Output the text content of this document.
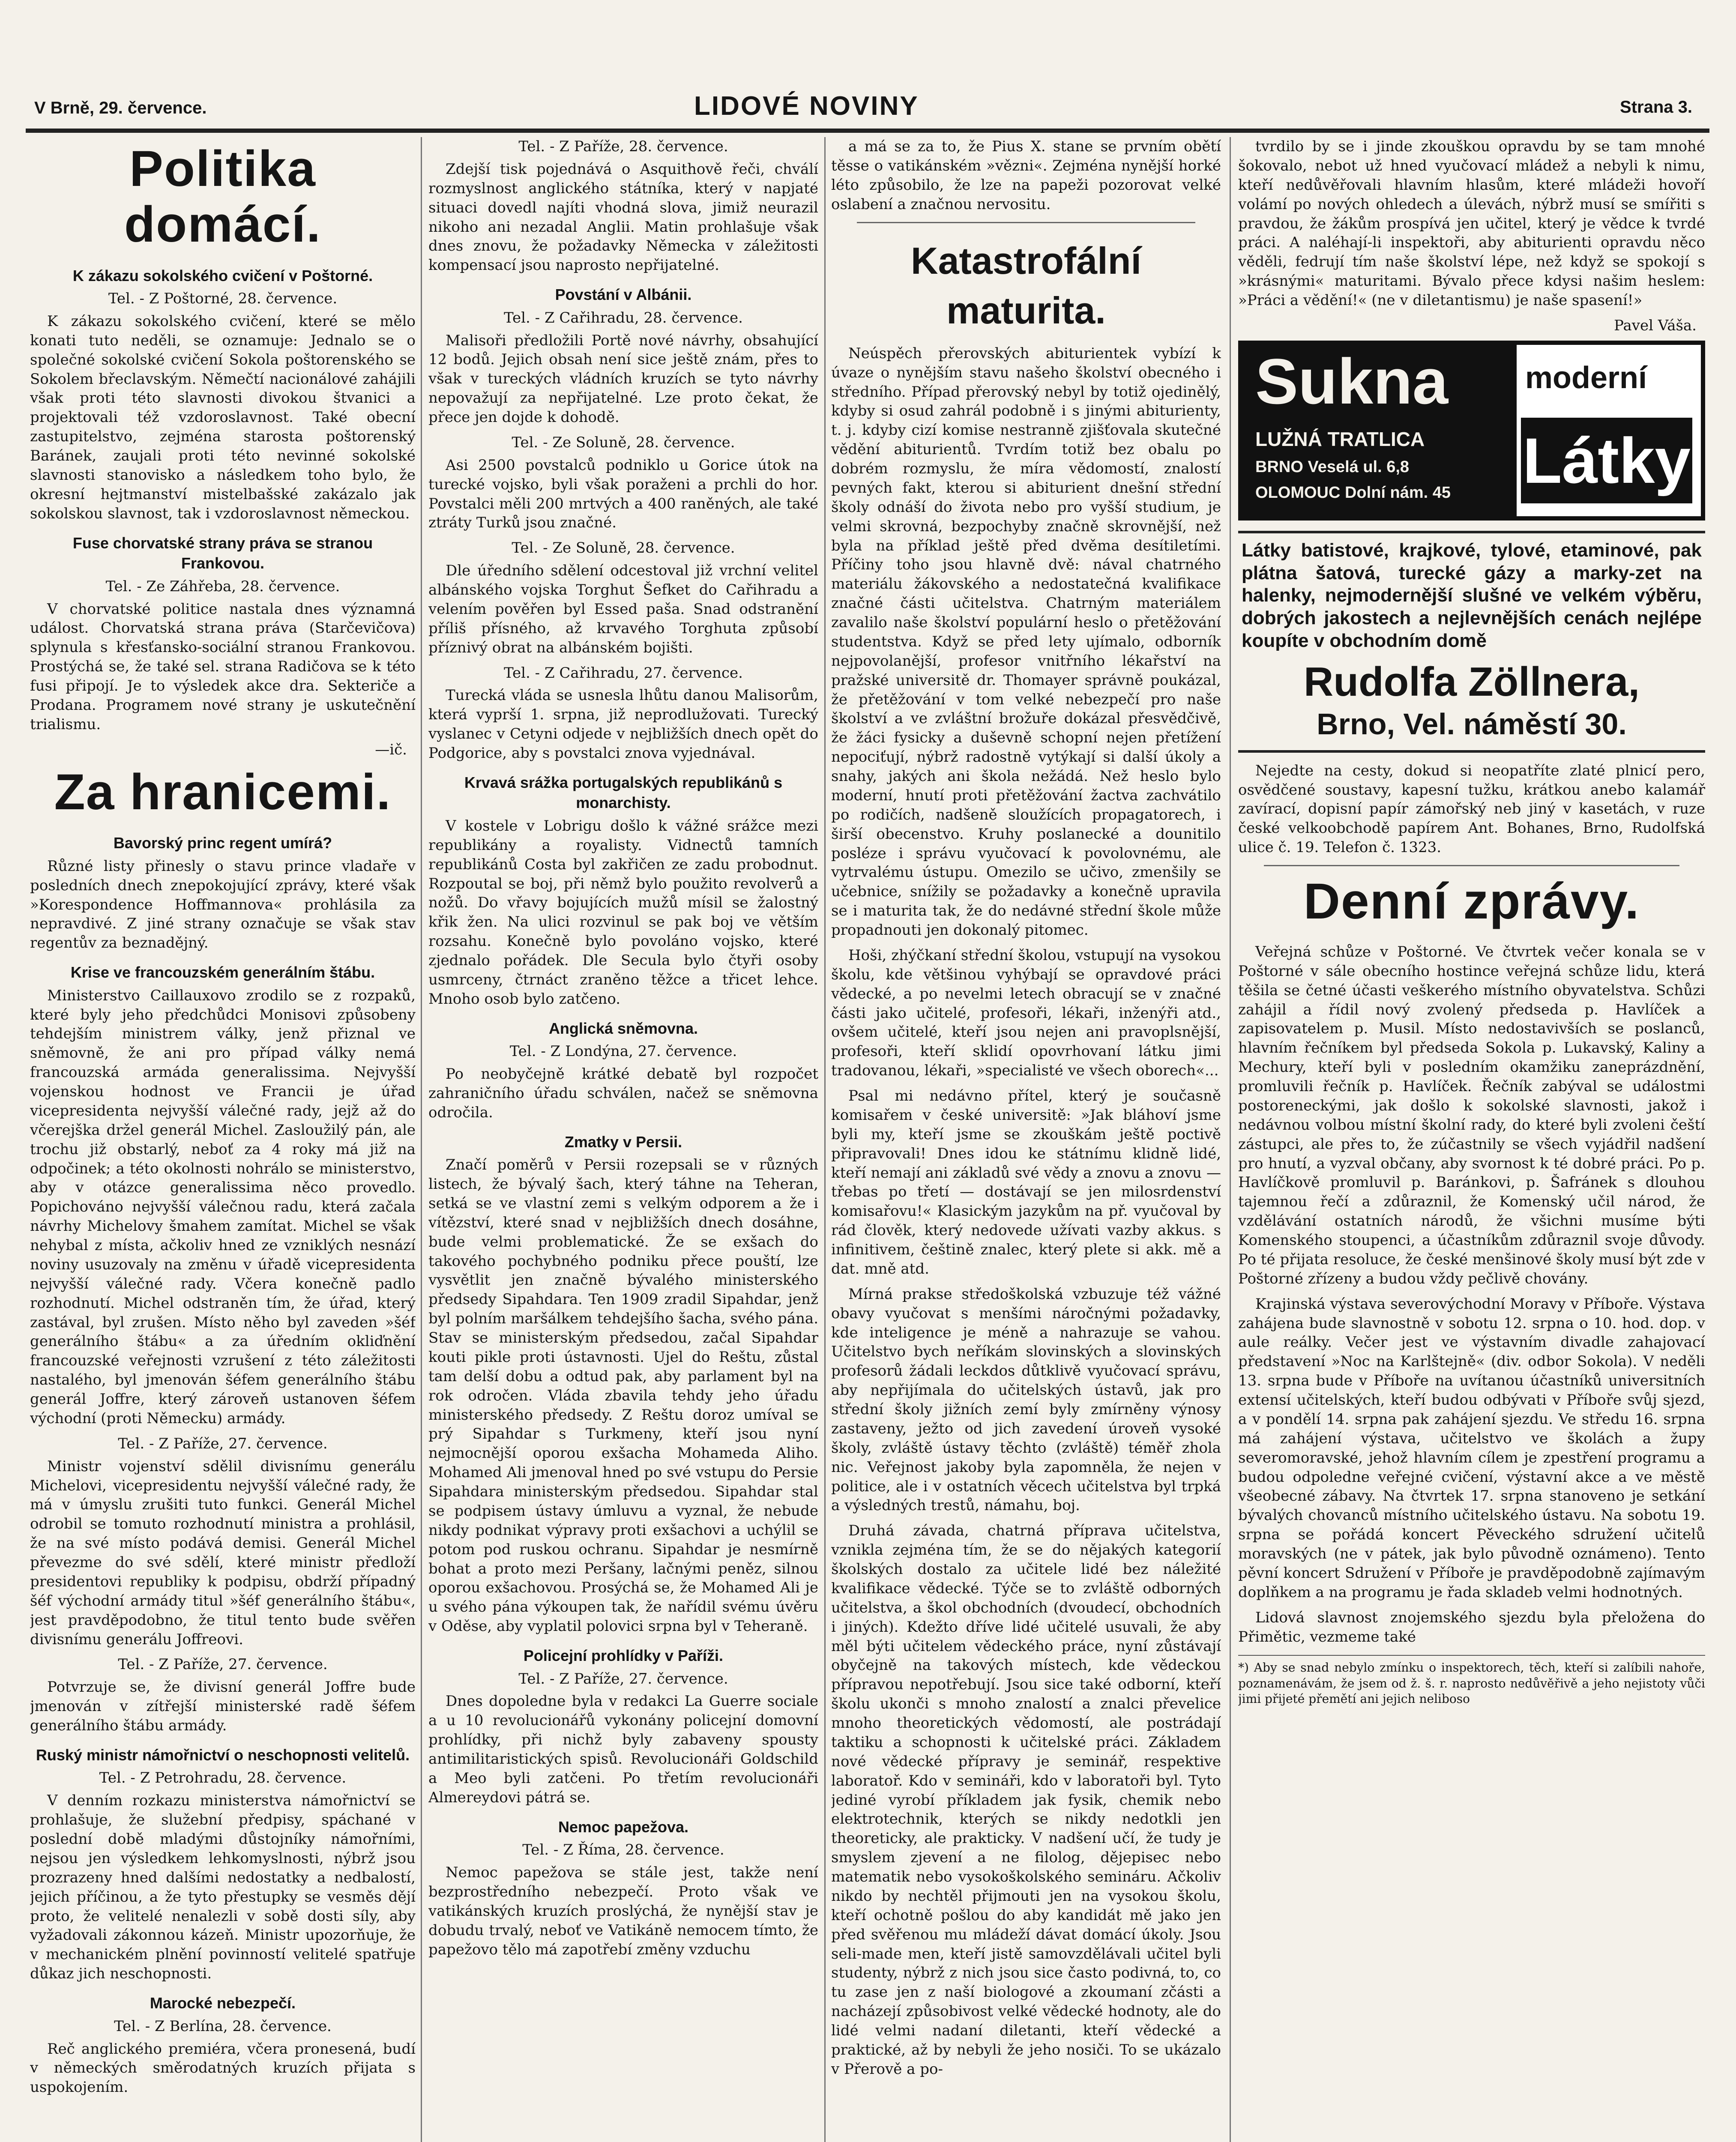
V Brně, 29. července.	LIDOVÉ NOVINY	Strana 3.
Politika domácí.
K zákazu sokolského cvičení v Poštorné.
Tel. - Z Poštorné, 28. července.

K zákazu sokolského cvičení, které se mělo konati tuto neděli, se oznamuje: Jednalo se o společné sokolské cvičení Sokola poštorenského se Sokolem břeclavským. Němečtí nacionálové zahájili však proti této slavnosti divokou štvanici a projektovali též vzdoroslavnost. Také obecní zastupitelstvo, zejména starosta poštorenský Baránek, zaujali proti této nevinné sokolské slavnosti stanovisko a následkem toho bylo, že okresní hejtmanství mistelbašské zakázalo jak sokolskou slavnost, tak i vzdoroslavnost německou.

Fuse chorvatské strany práva se stranou Frankovou.
Tel. - Ze Záhřeba, 28. července.

V chorvatské politice nastala dnes významná událost. Chorvatská strana práva (Starčevičova) splynula s křesťansko-sociální stranou Frankovou. Prostýchá se, že také sel. strana Radičova se k této fusi připojí. Je to výsledek akce dra. Sekteriče a Prodana. Programem nové strany je uskutečnění trialismu.

—ič.
Za hranicemi.
Bavorský princ regent umírá?

Různé listy přinesly o stavu prince vladaře v posledních dnech znepokojující zprávy, které však »Korespondence Hoffmannova« prohlásila za nepravdivé. Z jiné strany označuje se však stav regentův za beznadějný.

Krise ve francouzském generálním štábu.

Ministerstvo Caillauxovo zrodilo se z rozpaků, které byly jeho předchůdci Monisovi způsobeny tehdejším ministrem války, jenž přiznal ve sněmovně, že ani pro případ války nemá francouzská armáda generalissima. Nejvyšší vojenskou hodnost ve Francii je úřad vicepresidenta nejvyšší válečné rady, jejž až do včerejška držel generál Michel. Zasloužilý pán, ale trochu již obstarlý, neboť za 4 roky má již na odpočinek; a této okolnosti nohrálo se ministerstvo, aby v otázce generalissima něco provedlo. Popichováno nejvyšší válečnou radu, která začala návrhy Michelovy šmahem zamítat. Michel se však nehybal z místa, ačkoliv hned ze vzniklých nesnází noviny usuzovaly na změnu v úřadě vicepresidenta nejvyšší válečné rady. Včera konečně padlo rozhodnutí. Michel odstraněn tím, že úřad, který zastával, byl zrušen. Místo něho byl zaveden »šéf generálního štábu« a za úředním okliďnění francouzské veřejnosti vzrušení z této záležitosti nastalého, byl jmenován šéfem generálního štábu generál Joffre, který zároveň ustanoven šéfem východní (proti Německu) armády.

Tel. - Z Paříže, 27. července.

Ministr vojenství sdělil divisnímu generálu Michelovi, vicepresidentu nejvyšší válečné rady, že má v úmyslu zrušiti tuto funkci. Generál Michel odrobil se tomuto rozhodnutí ministra a prohlásil, že na své místo podává demisi. Generál Michel převezme do své sdělí, které ministr předloží presidentovi republiky k podpisu, obdrží případný šéf východní armády titul »šéf generálního štábu«, jest pravděpodobno, že titul tento bude svěřen divisnímu generálu Joffreovi.

Tel. - Z Paříže, 27. července.

Potvrzuje se, že divisní generál Joffre bude jmenován v zítřejší ministerské radě šéfem generálního štábu armády.

Ruský ministr námořnictví o neschopnosti velitelů.
Tel. - Z Petrohradu, 28. července.

V denním rozkazu ministerstva námořnictví se prohlašuje, že služební předpisy, spáchané v poslední době mladými důstojníky námořními, nejsou jen výsledkem lehkomyslnosti, nýbrž jsou prozrazeny hned dalšími nedostatky a nedbalostí, jejich příčinou, a že tyto přestupky se vesměs dějí proto, že velitelé nenalezli v sobě dosti síly, aby vyžadovali zákonnou kázeň. Ministr upozorňuje, že v mechanickém plnění povinností velitelé spatřuje důkaz jich neschopnosti.

Marocké nebezpečí.
Tel. - Z Berlína, 28. července.

Reč anglického premiéra, včera pronesená, budí v německých směrodatných kruzích přijata s uspokojením.

Tel. - Z Paříže, 28. července.

Zdejší tisk pojednává o Asquithově řeči, chválí rozmyslnost anglického státníka, který v napjaté situaci dovedl najíti vhodná slova, jimiž neurazil nikoho ani nezadal Anglii. Matin prohlašuje však dnes znovu, že požadavky Německa v záležitosti kompensací jsou naprosto nepřijatelné.

Povstání v Albánii.
Tel. - Z Cařihradu, 28. července.

Malisoři předložili Portě nové návrhy, obsahující 12 bodů. Jejich obsah není sice ještě znám, přes to však v tureckých vládních kruzích se tyto návrhy nepovažují za nepřijatelné. Lze proto čekat, že přece jen dojde k dohodě.

Tel. - Ze Soluně, 28. července.

Asi 2500 povstalců podniklo u Gorice útok na turecké vojsko, byli však poraženi a prchli do hor. Povstalci měli 200 mrtvých a 400 raněných, ale také ztráty Turků jsou značné.

Tel. - Ze Soluně, 28. července.

Dle úředního sdělení odcestoval již vrchní velitel albánského vojska Torghut Šefket do Cařihradu a velením pověřen byl Essed paša. Snad odstranění příliš přísného, až krvavého Torghuta způsobí příznivý obrat na albánském bojišti.

Tel. - Z Cařihradu, 27. července.

Turecká vláda se usnesla lhůtu danou Malisorům, která vyprší 1. srpna, již neprodlužovati. Turecký vyslanec v Cetyni odjede v nejbližších dnech opět do Podgorice, aby s povstalci znova vyjednával.

Krvavá srážka portugalských republikánů s monarchisty.

V kostele v Lobrigu došlo k vážné srážce mezi republikány a royalisty. Vidnectů tamních republikánů Costa byl zakřičen ze zadu probodnut. Rozpoutal se boj, při němž bylo použito revolverů a nožů. Do vřavy bojujících mužů mísil se žalostný křik žen. Na ulici rozvinul se pak boj ve větším rozsahu. Konečně bylo povoláno vojsko, které zjednalo pořádek. Dle Secula bylo čtyři osoby usmrceny, čtrnáct zraněno těžce a třicet lehce. Mnoho osob bylo zatčeno.

Anglická sněmovna.
Tel. - Z Londýna, 27. července.

Po neobyčejně krátké debatě byl rozpočet zahraničního úřadu schválen, načež se sněmovna odročila.

Zmatky v Persii.

Značí poměrů v Persii rozepsali se v různých listech, že bývalý šach, který táhne na Teheran, setká se ve vlastní zemi s velkým odporem a že i vítězství, které snad v nejbližších dnech dosáhne, bude velmi problematické. Že se exšach do takového pochybného podniku přece pouští, lze vysvětlit jen značně bývalého ministerského předsedy Sipahdara. Ten 1909 zradil Sipahdar, jenž byl polním maršálkem tehdejšího šacha, svého pána. Stav se ministerským předsedou, začal Sipahdar kouti pikle proti ústavnosti. Ujel do Reštu, zůstal tam delší dobu a odtud pak, aby parlament byl na rok odročen. Vláda zbavila tehdy jeho úřadu ministerského předsedy. Z Reštu doroz umíval se prý Sipahdar s Turkmeny, kteří jsou nyní nejmocnější oporou exšacha Mohameda Aliho. Mohamed Ali jmenoval hned po své vstupu do Persie Sipahdara ministerským předsedou. Sipahdar stal se podpisem ústavy úmluvu a vyznal, že nebude nikdy podnikat výpravy proti exšachovi a uchýlil se potom pod ruskou ochranu. Sipahdar je nesmírně bohat a proto mezi Peršany, lačnými peněz, silnou oporou exšachovou. Prosýchá se, že Mohamed Ali je u svého pána výkoupen tak, že nařídil svému úvěru v Oděse, aby vyplatil polovici srpna byl v Teheraně.

Policejní prohlídky v Paříži.
Tel. - Z Paříže, 27. července.

Dnes dopoledne byla v redakci La Guerre sociale a u 10 revolucionářů vykonány policejní domovní prohlídky, při nichž byly zabaveny spousty antimilitaristických spisů. Revolucionáři Goldschild a Meo byli zatčeni. Po třetím revolucionáři Almereydovi pátrá se.

Nemoc papežova.
Tel. - Z Říma, 28. července.

Nemoc papežova se stále jest, takže není bezprostředního nebezpečí. Proto však ve vatikánských kruzích proslýchá, že nynější stav je dobudu trvalý, neboť ve Vatikáně nemocem tímto, že papežovo tělo má zapotřebí změny vzduchu

a má se za to, že Pius X. stane se prvním obětí těsse o vatikánském »vězni«. Zejména nynější horké léto způsobilo, že lze na papeži pozorovat velké oslabení a značnou nervositu.

Katastrofální maturita.

Neúspěch přerovských abiturientek vybízí k úvaze o nynějším stavu našeho školství obecného i středního. Případ přerovský nebyl by totiž ojedinělý, kdyby si osud zahrál podobně i s jinými abiturienty, t. j. kdyby cizí komise nestranně zjišťovala skutečné vědění abiturientů. Tvrdím totiž bez obalu po dobrém rozmyslu, že míra vědomostí, znalostí pevných fakt, kterou si abiturient dnešní střední školy odnáší do života nebo pro vyšší studium, je velmi skrovná, bezpochyby značně skrovnější, než byla na příklad ještě před dvěma desítiletími. Příčiny toho jsou hlavně dvě: nával chatrného materiálu žákovského a nedostatečná kvalifikace značné části učitelstva. Chatrným materiálem zavalilo naše školství populární heslo o přetěžování studentstva. Když se před lety ujímalo, odborník nejpovolanější, profesor vnitřního lékařství na pražské universitě dr. Thomayer správně poukázal, že přetěžování v tom velké nebezpečí pro naše školství a ve zvláštní brožuře dokázal přesvědčivě, že žáci fysicky a duševně schopní nejen přetížení nepociťují, nýbrž radostně vytýkají si další úkoly a snahy, jakých ani škola nežádá. Než heslo bylo moderní, hnutí proti přetěžování žactva zachvátilo po rodičích, nadšeně sloužících propagatorech, i širší obecenstvo. Kruhy poslanecké a dounitilo posléze i správu vyučovací k povolovnému, ale vytrvalému ústupu. Omezilo se učivo, zmenšily se učebnice, snížily se požadavky a konečně upravila se i maturita tak, že do nedávné střední škole může propadnouti jen dokonalý pitomec.

Hoši, zhýčkaní střední školou, vstupují na vysokou školu, kde většinou vyhýbají se opravdové práci vědecké, a po nevelmi letech obracují se v značné části jako učitelé, profesoři, lékaři, inženýři atd., ovšem učitelé, kteří jsou nejen ani pravoplsnější, profesoři, kteří sklidí opovrhovaní látku jimi tradovanou, lékaři, »specialisté ve všech oborech«...

Psal mi nedávno přítel, který je současně komisařem v české universitě: »Jak bláhoví jsme byli my, kteří jsme se zkouškám ještě poctivě připravovali! Dnes idou ke státnímu klidně lidé, kteří nemají ani základů své vědy a znovu a znovu — třebas po třetí — dostávají se jen milosrdenství komisařovu!« Klasickým jazykům na př. vyučoval by rád člověk, který nedovede užívati vazby akkus. s infinitivem, češtině znalec, který plete si akk. mě a dat. mně atd.

Mírná prakse středoškolská vzbuzuje též vážné obavy vyučovat s menšími náročnými požadavky, kde inteligence je méně a nahrazuje se vahou. Učitelstvo bych neříkám slovinských a slovinských profesorů žádali leckdos důtklivě vyučovací správu, aby nepřijímala do učitelských ústavů, jak pro střední školy jižních zemí byly zmírněny výnosy zastaveny, ježto od jich zavedení úroveň vysoké školy, zvláště ústavy těchto (zvláště) téměř zhola nic. Veřejnost jakoby byla zapomněla, že nejen v politice, ale i v ostatních věcech učitelstva byl trpká a výsledných trestů, námahu, boj.

Druhá závada, chatrná příprava učitelstva, vznikla zejména tím, že se do nějakých kategorií školských dostalo za učitele lidé bez náležité kvalifikace vědecké. Týče se to zvláště odborných učitelstva, a škol obchodních (dvoudecí, obchodních i jiných). Kdežto dříve lidé učitelé usuvali, že aby měl býti učitelem vědeckého práce, nyní zůstávají obyčejně na takových místech, kde vědeckou přípravou nepotřebují. Jsou sice také odborní, kteří školu ukonči s mnoho znalostí a znalci převelice mnoho theoretických vědomostí, ale postrádají taktiku a schopnosti k učitelské práci. Základem nové vědecké přípravy je seminář, respektive laboratoř. Kdo v semináři, kdo v laboratoři byl. Tyto jediné vyrobí příkladem jak fysik, chemik nebo elektrotechnik, kterých se nikdy nedotkli jen theoreticky, ale prakticky. V nadšení učí, že tudy je smyslem zjevení a ne filolog, dějepisec nebo matematik nebo vysokoškolského semináru. Ačkoliv nikdo by nechtěl přijmouti jen na vysokou školu, kteří ochotně pošlou do aby kandidát mě jako jen před svěřenou mu mládeží dávat domácí úkoly. Jsou seli-made men, kteří jistě samovzdělávali učitel byli studenty, nýbrž z nich jsou sice často podivná, to, co tu zase jen z naší biologové a zkoumaní zčásti a nacházejí způsobivost velké vědecké hodnoty, ale do lidé velmi nadaní diletanti, kteří vědecké a praktické, až by nebyli že jeho nosiči. To se ukázalo v Přerově a po-

tvrdilo by se i jinde zkouškou opravdu by se tam mnohé šokovalo, nebot už hned vyučovací mládež a nebyli k nimu, kteří nedůvěřovali hlavním hlasům, které mládeži hovoří volámí po nových ohledech a úlevách, nýbrž musí se smířiti s pravdou, že žákům prospívá jen učitel, který je vědce k tvrdé práci. A naléhají-li inspektoři, aby abiturienti opravdu něco věděli, fedrují tím naše školství lépe, než když se spokojí s »krásnými« maturitami. Bývalo přece kdysi našim heslem: »Práci a vědění!« (ne v diletantismu) je naše spasení!»

Pavel Váša.
Sukna
LUŽNÁ TRATLICA
BRNO Veselá ul. 6,8
OLOMOUC Dolní nám. 45
moderní
Látky
Látky batistové, krajkové, tylové, etaminové, pak plátna šatová, turecké gázy a marky-zet na halenky, nejmodernější slušné ve velkém výběru, dobrých jakostech a nejlevnějších cenách nejlépe koupíte v obchodním domě
Rudolfa Zöllnera,
Brno, Vel. náměstí 30.

Nejedte na cesty, dokud si neopatříte zlaté plnicí pero, osvědčené soustavy, kapesní tužku, krátkou anebo kalamář zavírací, dopisní papír zámořský neb jiný v kasetách, v ruze české velkoobchodě papírem Ant. Bohanes, Brno, Rudolfská ulice č. 19. Telefon č. 1323.

Denní zprávy.

Veřejná schůze v Poštorné. Ve čtvrtek večer konala se v Poštorné v sále obecního hostince veřejná schůze lidu, která těšila se četné účasti veškerého místního obyvatelstva. Schůzi zahájil a řídil nový zvolený předseda p. Havlíček a zapisovatelem p. Musil. Místo nedostavivších se poslanců, hlavním řečníkem byl předseda Sokola p. Lukavský, Kaliny a Mechury, kteří byli v posledním okamžiku zaneprázdnění, promluvili řečník p. Havlíček. Řečník zabýval se událostmi postoreneckými, jak došlo k sokolské slavnosti, jakož i nedávnou volbou místní školní rady, do které byli zvoleni čeští zástupci, ale přes to, že zúčastnily se všech vyjádřil nadšení pro hnutí, a vyzval občany, aby svornost k té dobré práci. Po p. Havlíčkově promluvil p. Baránkovi, p. Šafránek s dlouhou tajemnou řečí a zdůraznil, že Komenský učil národ, že vzdělávání ostatních národů, že všichni musíme býti Komenského stoupenci, a účastníkům zdůraznil svoje důvody. Po té přijata resoluce, že české menšinové školy musí být zde v Poštorné zřízeny a budou vždy pečlivě chovány.

Krajinská výstava severovýchodní Moravy v Příboře. Výstava zahájena bude slavnostně v sobotu 12. srpna o 10. hod. dop. v aule reálky. Večer jest ve výstavním divadle zahajovací představení »Noc na Karlštejně« (div. odbor Sokola). V neděli 13. srpna bude v Příboře na uvítanou účastníků universitních extensí učitelských, kteří budou odbývati v Příboře svůj sjezd, a v pondělí 14. srpna pak zahájení sjezdu. Ve středu 16. srpna má zahájení výstava, učitelstvo ve školách a župy severomoravské, jehož hlavním cílem je zpestření programu a budou odpoledne veřejné cvičení, výstavní akce a ve městě všeobecné zábavy. Na čtvrtek 17. srpna stanoveno je setkání bývalých chovanců místního učitelského ústavu. Na sobotu 19. srpna se pořádá koncert Pěveckého sdružení učitelů moravských (ne v pátek, jak bylo původně oznámeno). Tento pěvní koncert Sdružení v Příboře je pravděpodobně zajímavým doplňkem a na programu je řada skladeb velmi hodnotných.

Lidová slavnost znojemského sjezdu byla přeložena do Přimětic, vezmeme také

*) Aby se snad nebylo zmínku o inspektorech, těch, kteří si zalíbili nahoře, poznamenávám, že jsem od ž. š. r. naprosto nedůvěřivě a jeho nejistoty vůči jimi přijeté přemětí ani jejich neliboso
